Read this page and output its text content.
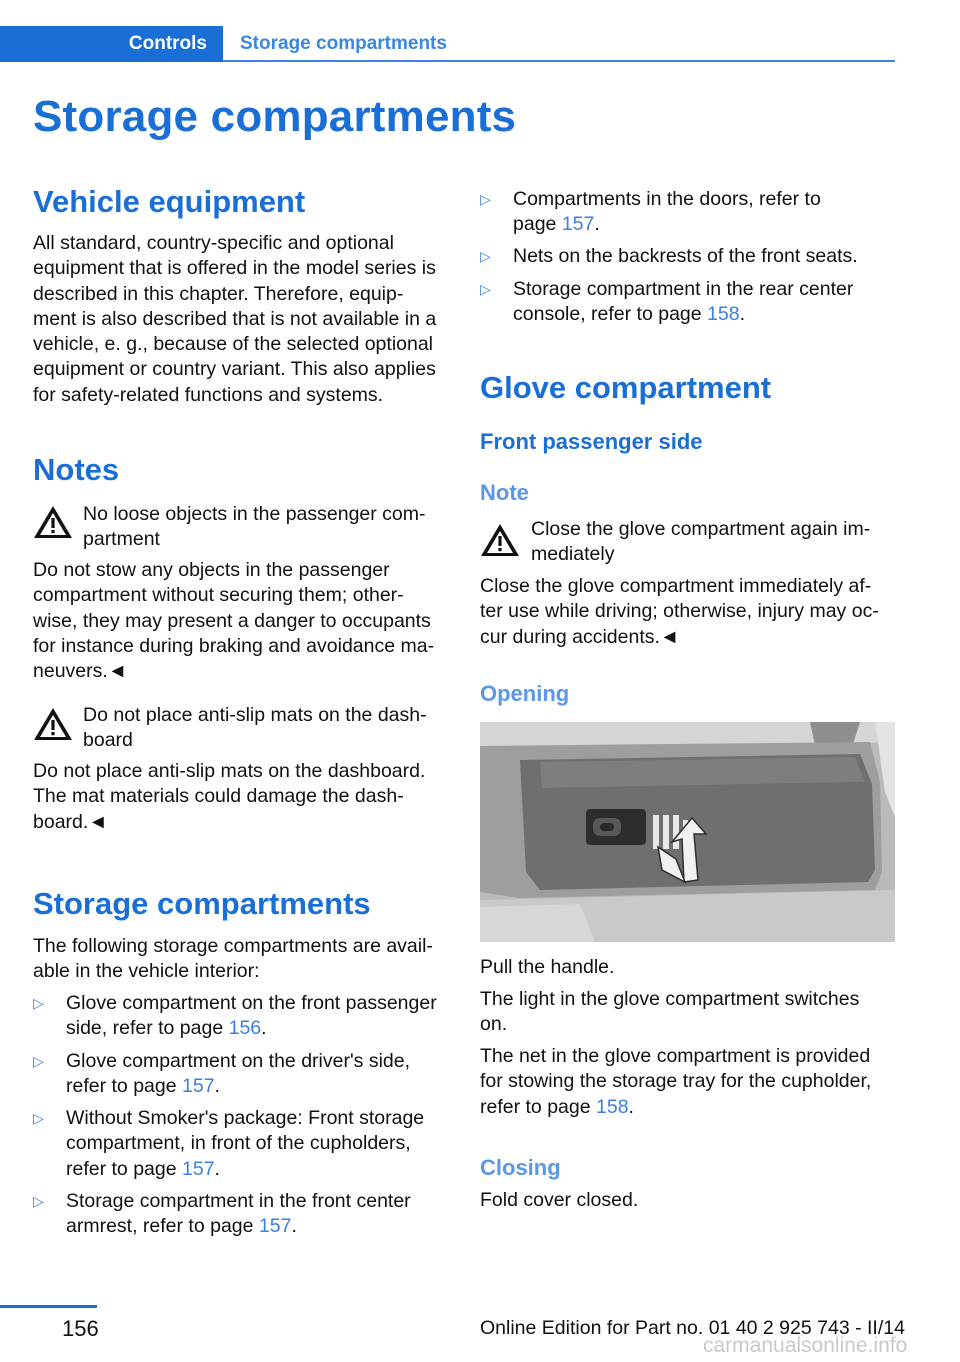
Controls	Storage compartments
Storage compartments
Vehicle equipment
All standard, country-specific and optional
equipment that is offered in the model series is
described in this chapter. Therefore, equip-
ment is also described that is not available in a
vehicle, e. g., because of the selected optional
equipment or country variant. This also applies
for safety-related functions and systems.
Notes
No loose objects in the passenger com-
partment
Do not stow any objects in the passenger
compartment without securing them; other-
wise, they may present a danger to occupants
for instance during braking and avoidance ma-
neuvers.◄
Do not place anti-slip mats on the dash-
board
Do not place anti-slip mats on the dashboard.
The mat materials could damage the dash-
board.◄
Storage compartments
The following storage compartments are avail-
able in the vehicle interior:
▷ Glove compartment on the front passenger
side, refer to page 156.
▷ Glove compartment on the driver's side,
refer to page 157.
▷ Without Smoker's package: Front storage
compartment, in front of the cupholders,
refer to page 157.
▷ Storage compartment in the front center
armrest, refer to page 157.
▷ Compartments in the doors, refer to
page 157.
▷ Nets on the backrests of the front seats.
▷ Storage compartment in the rear center
console, refer to page 158.
Glove compartment
Front passenger side
Note
Close the glove compartment again im-
mediately
Close the glove compartment immediately af-
ter use while driving; otherwise, injury may oc-
cur during accidents.◄
Opening
Pull the handle.
The light in the glove compartment switches
on.
The net in the glove compartment is provided
for stowing the storage tray for the cupholder,
refer to page 158.
Closing
Fold cover closed.
156	Online Edition for Part no. 01 40 2 925 743 - II/14
carmanualsonline.info
